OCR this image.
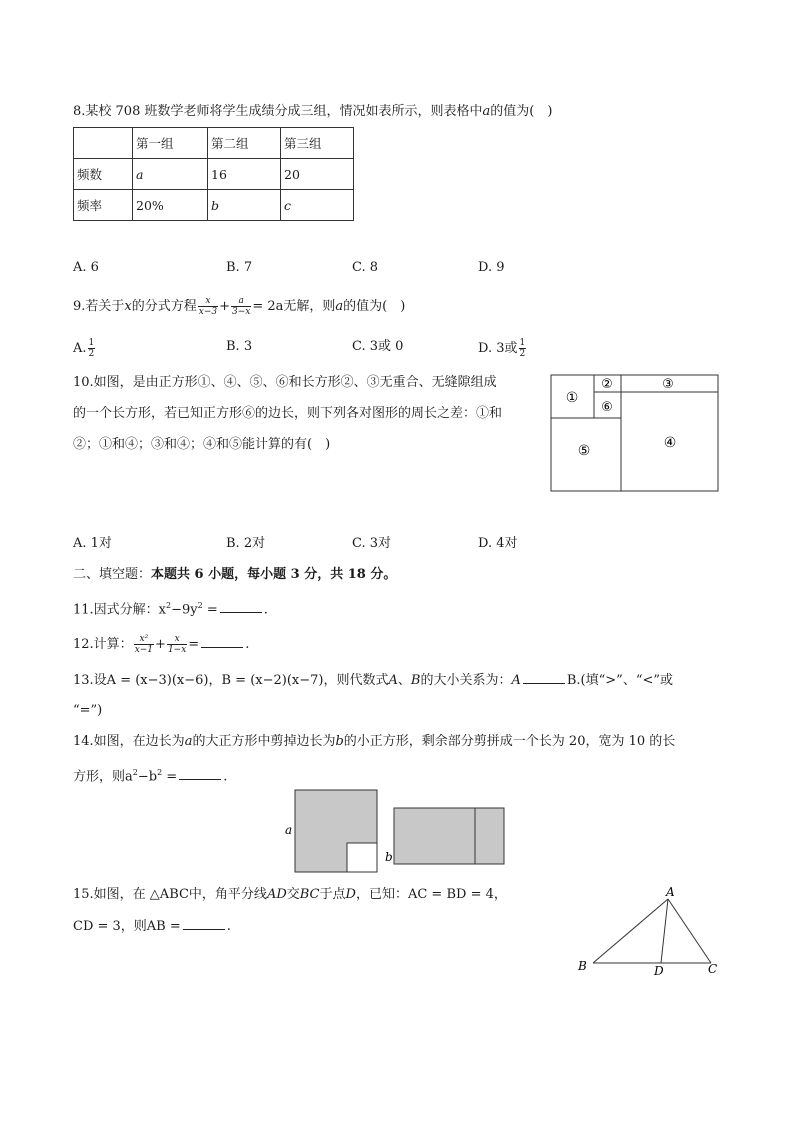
8.某校 708 班数学老师将学生成绩分成三组，情况如表所示，则表格中a的值为(　)
	第一组	第二组	第三组
频数	a	16	20
频率	20%	b	c
A. 6	B. 7	C. 8	D. 9
9.若关于x的分式方程 $\frac{x}{x-3} + \frac{a}{3-x} = 2a$无解，则a的值为(　)
A. $\frac{1}{2}$	B. 3	C. 3或 0	D. 3或 $\frac{1}{2}$
10.如图，是由正方形①、④、⑤、⑥和长方形②、③无重合、无缝隙组成
的一个长方形，若已知正方形⑥的边长，则下列各对图形的周长之差：①和
②；①和④；③和④；④和⑤能计算的有(　)
①
②	③
④
⑤
⑥
A. 1对	B. 2对	C. 3对	D. 4对
二、填空题：本题共 6 小题，每小题 3 分，共 18 分。
11.因式分解：$x^2-9y^2$ =	.
12.计算： $\frac{\text{x²}}{x-1} + \frac{x}{1-x}$ =	.
13.设A = (x−3)(x−6)，B = (x−2)(x−7)，则代数式A、B的大小关系为：A	B.(填“>”、“<”或
“=”)
14.如图，在边长为a的大正方形中剪掉边长为b的小正方形，剩余部分剪拼成一个长为 20，宽为 10 的长
方形，则$a^2-b^2$ =	.
a
b
15.如图，在 △ABC中，角平分线AD交BC于点D，已知：AC = BD = 4，
CD = 3，则AB =	.
A
B	D	C
